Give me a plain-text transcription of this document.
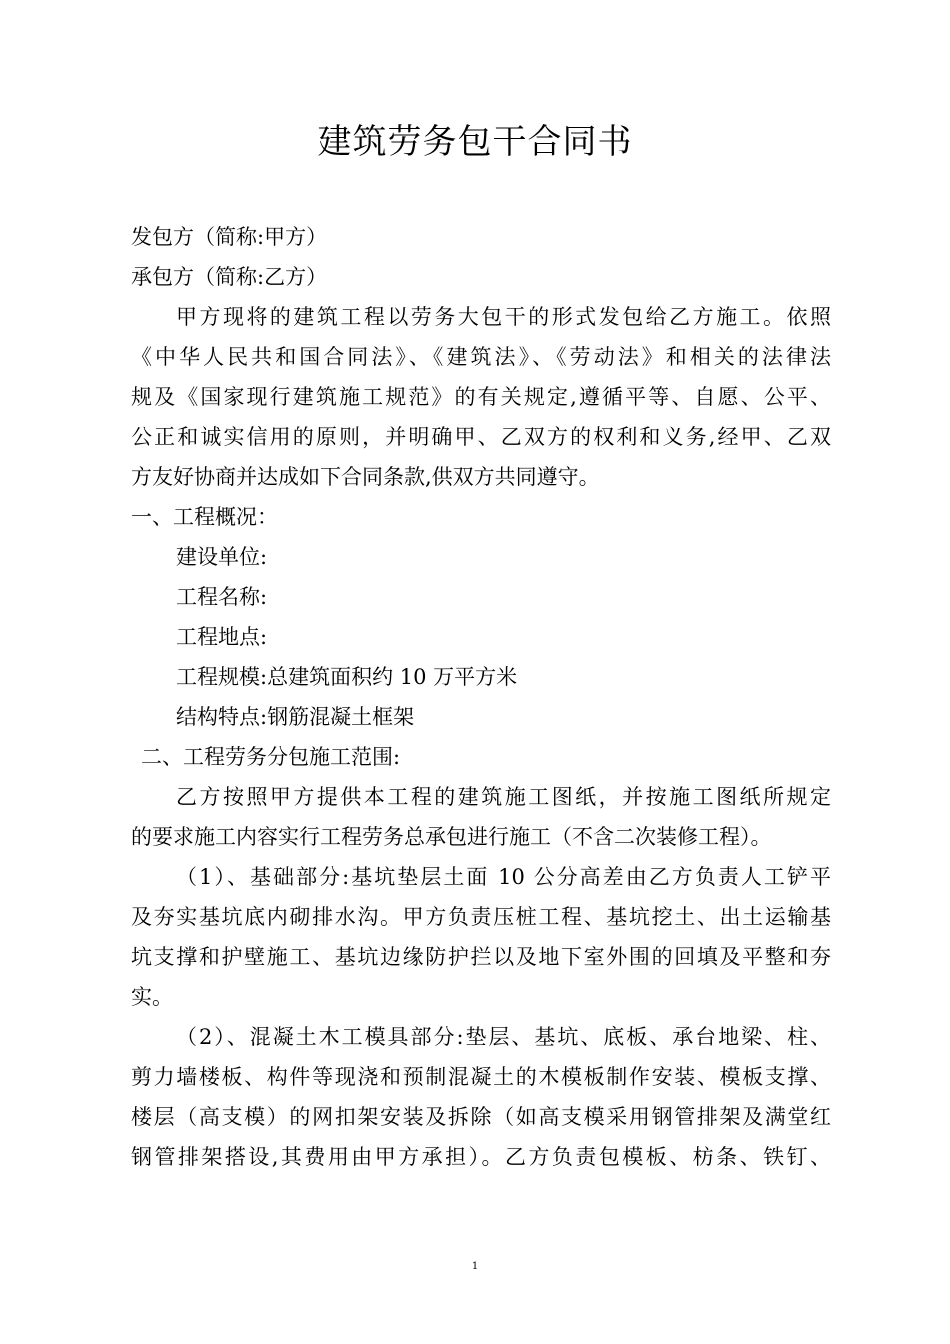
建筑劳务包干合同书
发包方（简称:甲方）
承包方（简称:乙方）
甲方现将的建筑工程以劳务大包干的形式发包给乙方施工。依照
《中华人民共和国合同法》、《建筑法》、《劳动法》和相关的法律法
规及《国家现行建筑施工规范》的有关规定,遵循平等、自愿、公平、
公正和诚实信用的原则，并明确甲、乙双方的权利和义务,经甲、乙双
方友好协商并达成如下合同条款,供双方共同遵守。
一、工程概况：
建设单位:
工程名称:
工程地点:
工程规模:总建筑面积约 10 万平方米
结构特点:钢筋混凝土框架
二、工程劳务分包施工范围:
乙方按照甲方提供本工程的建筑施工图纸，并按施工图纸所规定
的要求施工内容实行工程劳务总承包进行施工（不含二次装修工程）。
（1）、基础部分:基坑垫层土面 10 公分高差由乙方负责人工铲平
及夯实基坑底内砌排水沟。甲方负责压桩工程、基坑挖土、出土运输基
坑支撑和护壁施工、基坑边缘防护拦以及地下室外围的回填及平整和夯
实。
（2）、混凝土木工模具部分:垫层、基坑、底板、承台地梁、柱、
剪力墙楼板、构件等现浇和预制混凝土的木模板制作安装、模板支撑、
楼层（高支模）的网扣架安装及拆除（如高支模采用钢管排架及满堂红
钢管排架搭设,其费用由甲方承担）。乙方负责包模板、枋条、铁钉、
1
